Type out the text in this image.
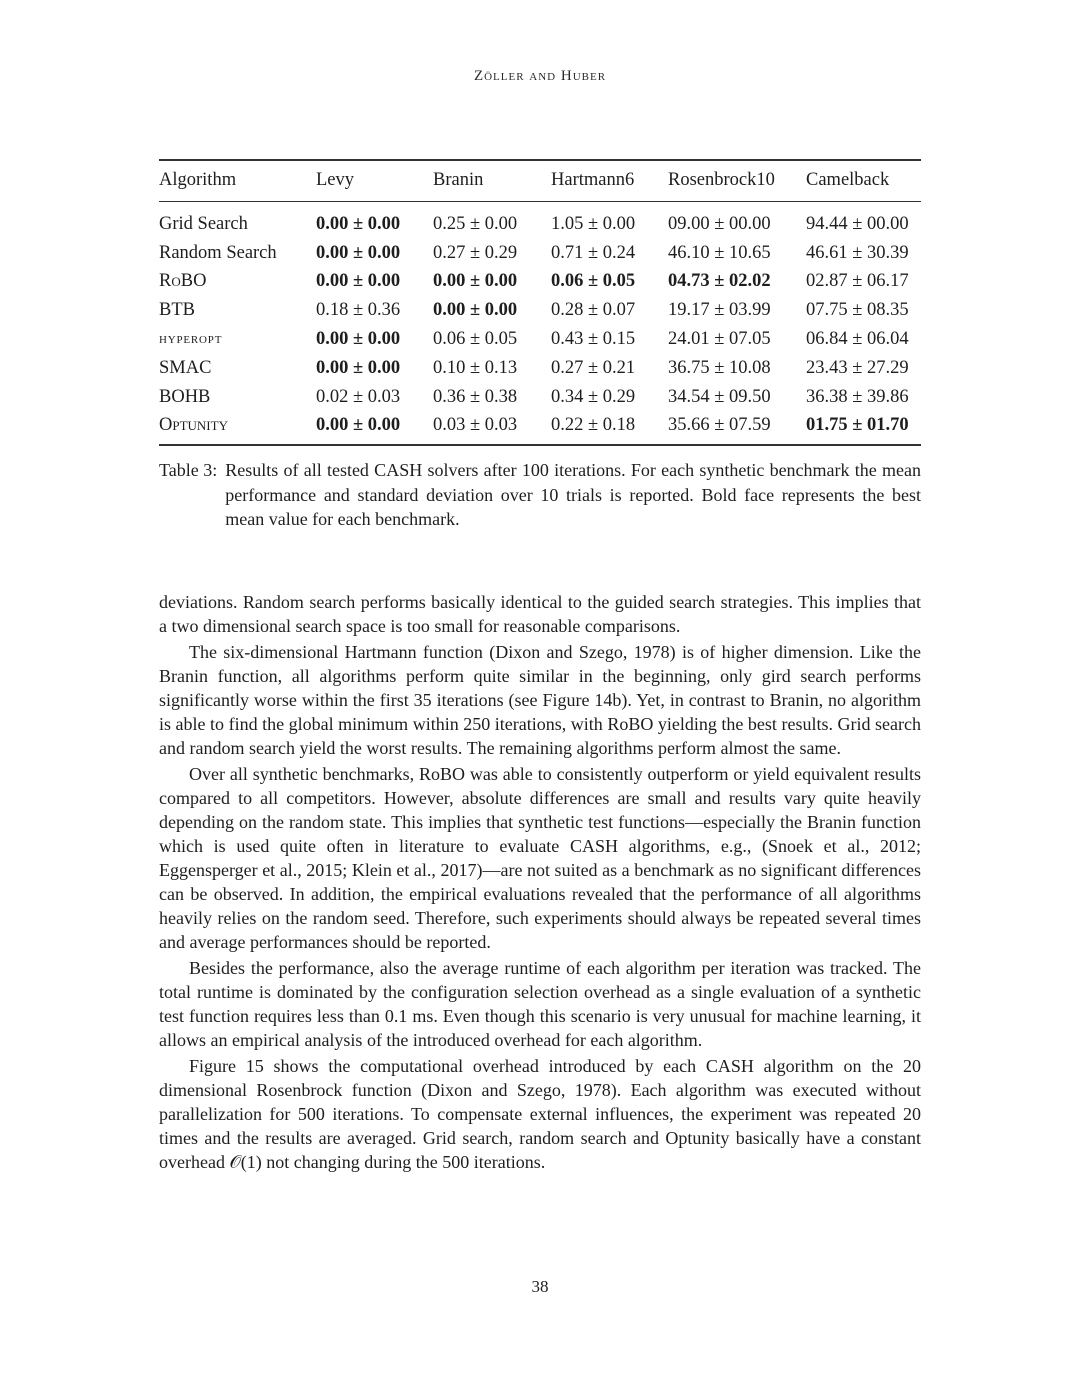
Zöller and Huber
Algorithm	Levy	Branin	Hartmann6	Rosenbrock10	Camelback
Grid Search	0.00 ± 0.00	0.25 ± 0.00	1.05 ± 0.00	09.00 ± 00.00	94.44 ± 00.00
Random Search	0.00 ± 0.00	0.27 ± 0.29	0.71 ± 0.24	46.10 ± 10.65	46.61 ± 30.39
RoBO	0.00 ± 0.00	0.00 ± 0.00	0.06 ± 0.05	04.73 ± 02.02	02.87 ± 06.17
BTB	0.18 ± 0.36	0.00 ± 0.00	0.28 ± 0.07	19.17 ± 03.99	07.75 ± 08.35
hyperopt	0.00 ± 0.00	0.06 ± 0.05	0.43 ± 0.15	24.01 ± 07.05	06.84 ± 06.04
SMAC	0.00 ± 0.00	0.10 ± 0.13	0.27 ± 0.21	36.75 ± 10.08	23.43 ± 27.29
BOHB	0.02 ± 0.03	0.36 ± 0.38	0.34 ± 0.29	34.54 ± 09.50	36.38 ± 39.86
Optunity	0.00 ± 0.00	0.03 ± 0.03	0.22 ± 0.18	35.66 ± 07.59	01.75 ± 01.70
Table 3: Results of all tested CASH solvers after 100 iterations. For each synthetic benchmark the mean performance and standard deviation over 10 trials is reported. Bold face represents the best mean value for each benchmark.

deviations. Random search performs basically identical to the guided search strategies. This implies that a two dimensional search space is too small for reasonable comparisons.

The six-dimensional Hartmann function (Dixon and Szego, 1978) is of higher dimension. Like the Branin function, all algorithms perform quite similar in the beginning, only gird search performs significantly worse within the first 35 iterations (see Figure 14b). Yet, in contrast to Branin, no algorithm is able to find the global minimum within 250 iterations, with RoBO yielding the best results. Grid search and random search yield the worst results. The remaining algorithms perform almost the same.

Over all synthetic benchmarks, RoBO was able to consistently outperform or yield equivalent results compared to all competitors. However, absolute differences are small and results vary quite heavily depending on the random state. This implies that synthetic test functions—especially the Branin function which is used quite often in literature to evaluate CASH algorithms, e.g., (Snoek et al., 2012; Eggensperger et al., 2015; Klein et al., 2017)—are not suited as a benchmark as no significant differences can be observed. In addition, the empirical evaluations revealed that the performance of all algorithms heavily relies on the random seed. Therefore, such experiments should always be repeated several times and average performances should be reported.

Besides the performance, also the average runtime of each algorithm per iteration was tracked. The total runtime is dominated by the configuration selection overhead as a single evaluation of a synthetic test function requires less than 0.1 ms. Even though this scenario is very unusual for machine learning, it allows an empirical analysis of the introduced overhead for each algorithm.

Figure 15 shows the computational overhead introduced by each CASH algorithm on the 20 dimensional Rosenbrock function (Dixon and Szego, 1978). Each algorithm was executed without parallelization for 500 iterations. To compensate external influences, the experiment was repeated 20 times and the results are averaged. Grid search, random search and Optunity basically have a constant overhead 𝒪(1) not changing during the 500 iterations.

38
